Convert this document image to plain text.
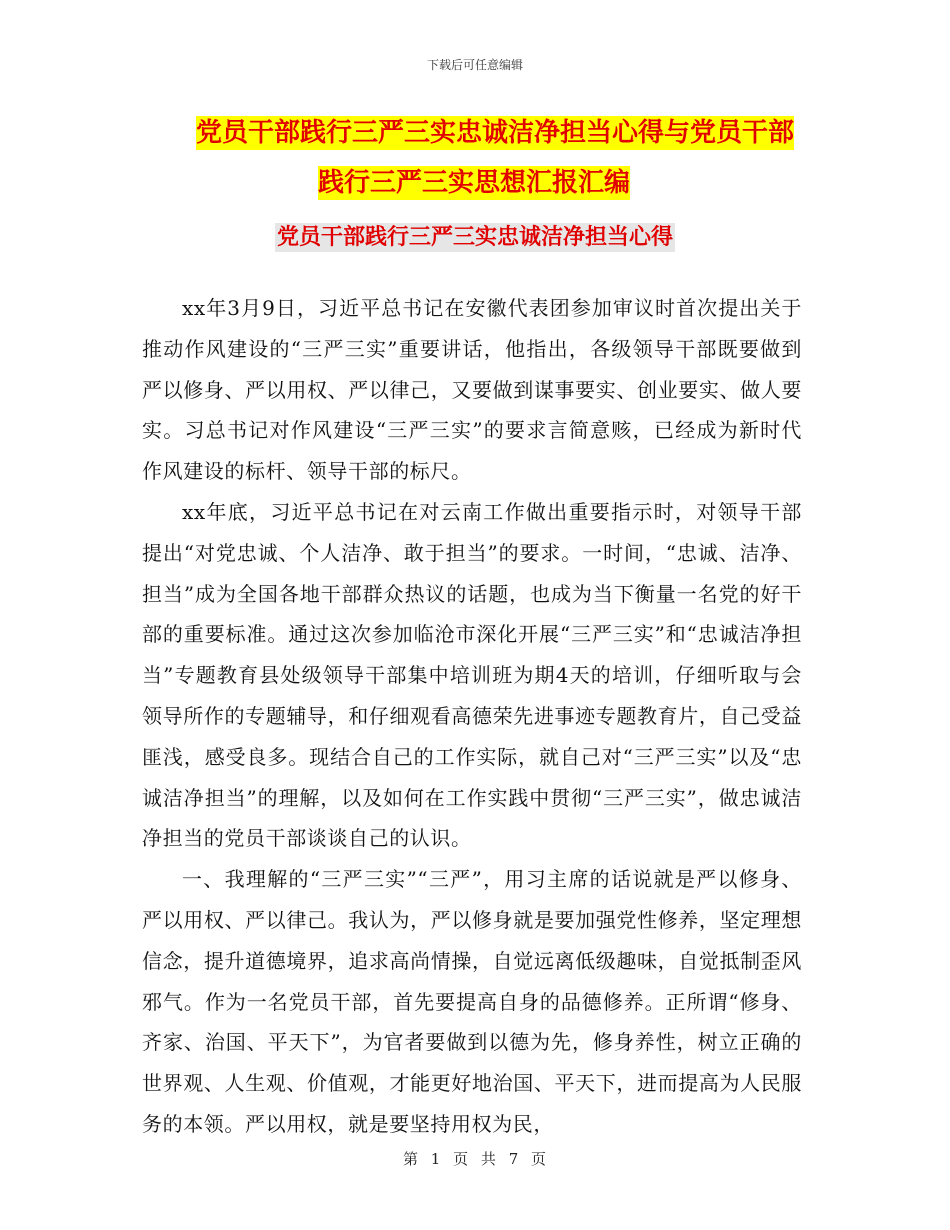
下载后可任意编辑
党员干部践行三严三实忠诚洁净担当心得与党员干部
践行三严三实思想汇报汇编
党员干部践行三严三实忠诚洁净担当心得

xx年3月9日，习近平总书记在安徽代表团参加审议时首次提出关于推动作风建设的“三严三实”重要讲话，他指出，各级领导干部既要做到严以修身、严以用权、严以律己，又要做到谋事要实、创业要实、做人要实。习总书记对作风建设“三严三实”的要求言简意赅，已经成为新时代作风建设的标杆、领导干部的标尺。

xx年底，习近平总书记在对云南工作做出重要指示时，对领导干部提出“对党忠诚、个人洁净、敢于担当”的要求。一时间，“忠诚、洁净、担当”成为全国各地干部群众热议的话题，也成为当下衡量一名党的好干部的重要标准。通过这次参加临沧市深化开展“三严三实”和“忠诚洁净担当”专题教育县处级领导干部集中培训班为期4天的培训，仔细听取与会领导所作的专题辅导，和仔细观看高德荣先进事迹专题教育片，自己受益匪浅，感受良多。现结合自己的工作实际，就自己对“三严三实”以及“忠诚洁净担当”的理解，以及如何在工作实践中贯彻“三严三实”，做忠诚洁净担当的党员干部谈谈自己的认识。

一、我理解的“三严三实”“三严”，用习主席的话说就是严以修身、严以用权、严以律己。我认为，严以修身就是要加强党性修养，坚定理想信念，提升道德境界，追求高尚情操，自觉远离低级趣味，自觉抵制歪风邪气。作为一名党员干部，首先要提高自身的品德修养。正所谓“修身、齐家、治国、平天下”，为官者要做到以德为先，修身养性，树立正确的世界观、人生观、价值观，才能更好地治国、平天下，进而提高为人民服务的本领。严以用权，就是要坚持用权为民，

第 1 页 共 7 页
